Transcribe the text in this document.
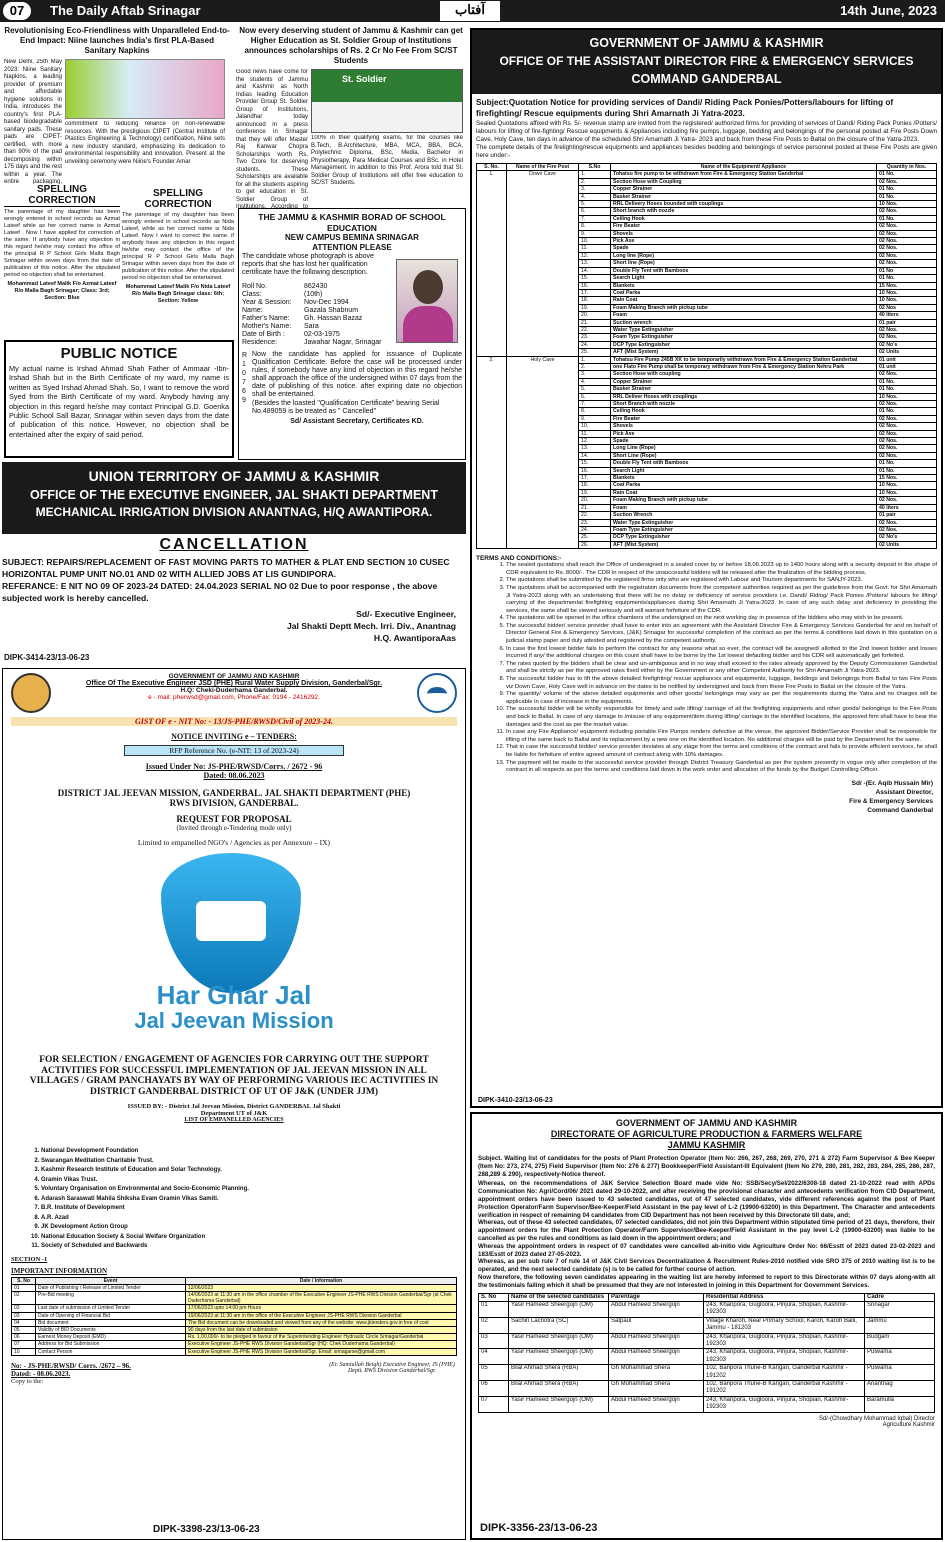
07	The Daily Aftab Srinagar	آفتاب	14th June, 2023
Revolutionising Eco-Friendliness with Unparalleled End-to-End Impact: Niine launches India's first PLA-Based Sanitary Napkins
New Delhi, 25th May 2023: Niine Sanitary Napkins, a leading provider of premium and affordable hygiene solutions in India, introduces the country's first PLA-based biodegradable sanitary pads. These pads are CIPET-certified, with more than 90% of the pad decomposing within 175 days and the rest within a year. The entire packaging,
commitment to reducing reliance on non-renewable resources. With the prestigious CIPET (Central Institute of Plastics Engineering & Technology) certification, Niine sets a new industry standard, emphasizing its dedication to environmental responsibility and innovation. Present at the unveiling ceremony were Niine's Founder Amar
Now every deserving student of Jammu & Kashmir can get Higher Education as St. Soldier Group of Institutions announces scholarships of Rs. 2 Cr No Fee From SC/ST Students
Good news have come for the students of Jammu and Kashmir as North Indias leading Education Provider Group St. Soldier Group of Institutions, Jalandhar today announced in a press conference in Srinagar that they will offer Master Raj Kanwar Chopra Scholarships worth Rs. Two Crore for deserving students. These Scholarships are available for all the students aspiring to get education in St. Soldier Group of Institutions. According to
St. Soldier
100% in their qualifying exams, for the courses like B.Tech, B.Architecture, MBA, MCA, BBA, BCA, Polytechnic Diploma, BSc, Media, Bachelor in Physiotherapy, Para Medical Courses and BSc. in Hotel Management. In addition to this Prof. Arora told that St. Soldier Group of Institutions will offer free education to SC/ST Students.
SPELLING CORRECTION
The parentage of my daughter has been wrongly entered in school records as Azmat Lateef while as her correct name is Azmat Lateef . Now I have applied for correction of the same. If anybody have any objection in this regard he/she may contact the office of the principal R P School Girls Malla Bagh Srinagar within seven days from the date of publication of this notice. After the stipulated period no objection shall be entertained.
Mohammad Lateef Malik F/o Azmat Lateef R/o Malla Bagh Srinagar; Class: 3rd; Section: Blue
SPELLING CORRECTION
The parentage of my daughter has been wrongly entered in school records as Nida Lateef, while as her correct name is Nida Lateef. Now I want to correct the same. if anybody have any objection in this regard he/she may contact the office of the principal R P School Girls Malla Bagh Srinagar within seven days from the date of publication of this notice. After the stipulated period no objection shall be entertained.
Mohammad Lateef Malik F/o Nida Lateef R/o Malla Bagh Srinagar class: 6th; Section: Yellow
PUBLIC NOTICE
My actual name is Irshad Ahmad Shah Father of Ammaar -Ibn-Irshad Shah but in the Birth Certificate of my ward, my name is written as Syed Irshad Ahmad Shah. So, I want to remove the word Syed from the Birth Certificate of my ward. Anybody having any objection in this regard he/she may contact Principal G.D. Goenka Public School Sall Bazar, Srinagar within seven days from the date of publication of this notice. However, no objection shall be entertained after the expiry of said period.
THE JAMMU & KASHMIR BORAD OF SCHOOL EDUCATION
NEW CAMPUS BEMINA SRINAGAR
ATTENTION PLEASE
The candidate whose photograph is above reports that she has lost her qualification certificate have the following description.
Roll No.	862430
Class:	(10th)
Year & Session:	Nov-Dec 1994
Name:	Gazala Shabnum
Father's Name:	Gh. Hassan Bazaz
Mother's Name:	Sara
Date of Birth :	02-03-1975
Residence:	Jawahar Nagar, Srinagar
R 1 0 7 6 9
Now the candidate has applied for issuance of Duplicate Qualification Certificate. Before the case will be processed under rules, if somebody have any kind of objection in this regard he/she shall approach the office of the undersigned within 07 days from the date of publishing of this notice. after expiring date no objection shall be entertained.
(Besides the loasted "Qualification Certificate" bearing Serial No.489059 is be treated as " Cancelled"
Sd/ Assistant Secretary, Certificates KD.
UNION TERRITORY OF JAMMU & KASHMIR
OFFICE OF THE EXECUTIVE ENGINEER, JAL SHAKTI DEPARTMENT
MECHANICAL IRRIGATION DIVISION ANANTNAG, H/Q AWANTIPORA.
CANCELLATION
SUBJECT: REPAIRS/REPLACEMENT OF FAST MOVING PARTS TO MATHER & PLAT END SECTION 10 CUSEC HORIZONTAL PUMP UNIT NO.01 AND 02 WITH ALLIED JOBS AT LIS GUNDIPORA.
REFERANCE: E NIT NO 09 OF 2023-24 DATED: 24.04.2023 SERIAL NO 02 Due to poor response , the above subjected work is hereby cancelled.
Sd/- Executive Engineer,
Jal Shakti Deptt Mech. Irri. Div., Anantnag
H.Q. AwantiporaAas
DIPK-3414-23/13-06-23
GOVERNMENT OF JAMMU AND KASHMIR
Office Of The Executive Engineer JSD (PHE) Rural Water Supply Division, Ganderbal/Sgr.
H.Q: Cheki-Duderhama Ganderbal.
e - mail: pherwsd@gmail.com, Phone/Fax: 0194 - 2416292.
GIST OF e - NIT No: - 13/JS-PHE/RWSD/Civil of 2023-24.
NOTICE INVITING e – TENDERS:
RFP Reference No. (e-NIT: 13 of 2023-24)
Issued Under No: JS-PHE/RWSD/Corrs. / 2672 - 96
Dated: 08.06.2023
DISTRICT JAL JEEVAN MISSION, GANDERBAL. JAL SHAKTI DEPARTMENT (PHE) RWS DIVISION, GANDERBAL.
REQUEST FOR PROPOSAL
(Invited through e-Tendering mode only)
Limited to empanelled NGO's / Agencies as per Annexure – IX)
Har Ghar Jal
Jal Jeevan Mission
FOR SELECTION / ENGAGEMENT OF AGENCIES FOR CARRYING OUT THE SUPPORT ACTIVITIES FOR SUCCESSFUL IMPLEMENTATION OF JAL JEEVAN MISSION IN ALL VILLAGES / GRAM PANCHAYATS BY WAY OF PERFORMING VARIOUS IEC ACTIVITIES IN DISTRICT GANDERBAL DISTRICT OF UT OF J&K (UNDER JJM)
ISSUED BY: - District Jal Jeevan Mission, District GANDERBAL Jal Shakti Department UT of J&K
LIST OF EMPANELLED AGENCIES
1. National Development Foundation
2. Swarangan Meditation Charitable Trust.
3. Kashmir Research Institute of Education and Solar Technology.
4. Gramin Vikas Trust.
5. Voluntary Organisation on Environmental and Socio-Economic Planning.
6. Adarash Saraswati Mahila Shiksha Evam Gramin Vikas Samiti.
7. B.R. Institute of Development
8. A.R. Azad
9. JK Development Action Group
10. National Education Society & Social Welfare Organization
11. Society of Scheduled and Backwards
SECTION -1
IMPORTANT INFORMATION
S. No	Event	Date / Information
01	Date of Publishing / Release of Limited Tender	12/06/2023
02	Pre-Bid meeting	14/06/2023 at 11:30 am in the office chamber of the Executive Engineer JS-PHE RWS Division Ganderbal/Sgr (at Chek Duderhama Ganderbal)
03	Last date of submission of Limited Tender	17/06/2023 upto 14:00 pm Hours
03	Date of Opening of Financial Bid	19/06/2023 at 11:30 am in the office of the Executive Engineer JS-PHE RWS Division Ganderbal
04	Bid document	The Bid document can be downloaded and viewed from any of the website: www.jktenders.gov.in free of cost
05	Validity of BID Documents	90 days from the last date of submission
06	Earnest Money Deposit (EMD)	Rs. 1,00,000/- to be pledged in favour of the Superintending Engineer Hydraulic Circle Srinagar/Ganderbal
07	Address for Bid Submission	Executive Engineer JS-PHE RWS Division Ganderbal/Sgr (HQ: Chek Duderhama Ganderbal)
10	Contact Person	Executive Engineer JS-PHE RWS Division Ganderbal/Sgr. Email: srinagarse@gmail.com
No: - JS-PHE/RWSD/ Corrs. /2672 – 96.
Dated: - 08.06.2023.
Copy to the:
(Er. Samiullah Beigh) Executive Engineer, JS (PHE) Deptt. RWS Division Ganderbal/Sgr.
DIPK-3398-23/13-06-23
GOVERNMENT OF JAMMU & KASHMIR
OFFICE OF THE ASSISTANT DIRECTOR FIRE & EMERGENCY SERVICES
COMMAND GANDERBAL
Subject:Quotation Notice for providing services of Dandi/ Riding Pack Ponies/Potters/labours for lifting of firefighting/ Rescue equipments during Shri Amarnath Ji Yatra-2023.
Sealed Quotations affixed with Rs. 5/- revenue stamp are invited from the registered/ authorized firms for providing of services of Dandi/ Riding Pack Ponies /Potters/ labours for lifting of fire-fighting/ Rescue equipments & Appliances including fire pumps, luggage, bedding and belongings of the personal posted at Fire Posts Down Cave, Holy Cave, ten days in advance of the scheduled Shri Amarnath Ji Yatra- 2023 and back from these Fire Posts to Baltal on the closure of the Yatra-2023.
The complete details of the firelighting/rescue equipments and appliances besides bedding and belongings of service personnel posted at these Fire Posts are given here under:-
S. No.	Name of the Fire Post	S.No	Name of the Equipment/ Appliance	Quantity in Nos.
1.	Down Cave	1.	Tohatsu fire pump to be withdrawn from Fire & Emergency Station Ganderbal	01 No.
		2.	Section Hose with Coupling	02 Nos.
		3.	Copper Strainer	01 No.
		4.	Basket Strainer	01 No.
		5.	RRL Delivery Hoses bounded with couplings	10 Nos.
		6.	Short branch with nozzle	02 Nos.
		7.	Ceiling Hook	01 No.
		8.	Fire Beater	02 Nos.
		9.	Shovels	02 Nos.
		10.	Pick Axe	02 Nos.
		11.	Spade	02 Nos.
		12.	Long line (Rope)	02 Nos.
		13.	Short line (Rope)	02 Nos.
		14.	Double Fly Tent with Bamboos	01 No
		15.	Search Light	01 No.
		16.	Blankets	15 Nos.
		17.	Coat Parka	10 Nos.
		18.	Rain Coat	10 Nos.
		19.	Foam Making Branch with pickup tube	02 Nos
		20.	Foam	40 liters
		21.	Suction wrench	01 pair
		22.	Water Type Extinguisher	02 Nos.
		23.	Foam Type Extinguisher	02 Nos.
		24.	DCP Type Extinguisher	02 No's
		25.	AFT (Mist System)	02 Units
2.	Holy Cave	1.	Tohatsu Fire Pump 245B XK to be temporarily withdrawn from Fire & Emergency Station Ganderbal	01 unit
		2.	one Flato Fire Pump shall be temporary withdrawn from Fire & Emergency Station Nehru Park	01 unit
		3.	Section Hose with coupling	02 Nos.
		4.	Copper Strainer	01 No.
		5.	Basket Strainer	01 No.
		6.	RRL Deliver Hoses with couplings	10 Nos.
		7.	Short Branch with nozzle	02 Nos.
		8.	Ceiling Hook	01 No.
		9.	Fire Beater	02 Nos.
		10.	Shovels	02 Nos.
		11.	Pick Axe	02 Nos.
		12.	Spade	02 Nos.
		13.	Long Line (Rope)	02 Nos.
		14.	Short Line (Rope)	02 Nos.
		15.	Double Fly Tent with Bamboos	01 No.
		16.	Search Light	01 No.
		17.	Blankets	15 Nos.
		18.	Coat Parka	10 Nos.
		19.	Rain Coat	10 Nos.
		20.	Foam Making Branch with pickup tube	02 Nos.
		21.	Foam	40 liters
		22.	Suction Wrench	01 pair
		23.	Water Type Extinguisher	02 Nos.
		24.	Foam Type Extinguisher	02 Nos.
		25.	DCP Type Extinguisher	02 No's
		26.	AFT (Mist System)	02 Units
TERMS AND CONDITIONS:-
1. The sealed quotations shall reach the Office of undersigned in a sealed cover by or before 18.06.2023 up to 1400 hours along with a security deposit in the shape of CDR equivalent to Rs. 8000/-. The CDR in respect of the unsuccessful bidders will be released after the finalization of the bidding process.
2. The quotations shall be submitted by the registered firms only who are registered with Labour and Tourism departments for SANJY-2023.
3. The quotations shall be accompanied with the registration documents from the competent authorities required as per the guidelines from the Govt. for Shri Amarnath Ji Yatra-2023 along with an undertaking that there will be no delay or deficiency of service providers i.e. Dandi/ Riding/ Pack Ponies /Potters/ labours for lifting/ carrying of the departmental firefighting equipments/appliances during Shri Amarnath Ji Yatra-2023. In case of any such delay and deficiency in providing the services, the same shall be viewed seriously and will warrant forfeiture of the CDR.
4. The quotations will be opened in the office chambers of the undersigned on the next working day in presence of the bidders who may wish to be present.
5. The successful bidder/ service provider shall have to enter into an agreement with the Assistant Director Fire & Emergency Services Ganderbal for and on behalf of Director General Fire & Emergency Services, (J&K) Srinagar for successful completion of the contract as per the terms & conditions laid down in this quotation on a judicial stamp paper and duly attested and registered by the competent authority.
6. In case the first lowest bidder fails to perform the contract for any reasons what so ever, the contract will be assigned/ allotted to the 2nd lowest bidder and losses incurred if any/ the additional charges on this count shall have to be borne by the 1st lowest defaulting bidder and his CDR will automatically get forfeited.
7. The rates quoted by the bidders shall be clear and un-ambiguous and in no way shall exceed to the rates already approved by the Deputy Commissioner Ganderbal and shall be strictly as per the approved rates fixed either by the Government or any other Competent Authority for Shri Amarnath Ji Yatra-2023.
8. The successful bidder has to lift the above detailed firefighting/ rescue appliances and equipments, luggage, beddings and belongings from Baltal to two Fire Posts viz Down Cave, Holy Cave well in advance on the dates to be notified by undersigned and back from these Fire Posts to Baltal on the closure of the Yatra.
9. The quantity/ volume of the above detailed equipments and other goods/ belongings may vary as per the requirements during the Yatra and no charges will be applicable in case of increase in the equipments.
10. The successful bidder will be wholly responsible for timely and safe lifting/ carriage of all the firefighting equipments and other goods/ belongings to the Fire Posts and back to Baltal. In case of any damage to /misuse of any equipment/item during lifting/ carriage to the identified locations, the approved firm shall have to bear the damages and the cost as per the market value.
11. In case any Fire Appliance/ equipment including portable Fire Pumps renders defective at the venue, the approved Bidder/Service Provider shall be responsible for lifting of the same back to Baltal and its replacement by a new one on the identified location. No additional charges will be paid by the Department for the same.
12. That in case the successful bidder/ service provider deviates at any stage from the terms and conditions of the contract and fails to provide efficient services, he shall be liable for forfeiture of entire agreed amount of contract along with 10% damages.
13. The payment will be made to the successful service provider through District Treasury Ganderbal as per the system presently in vogue only after completion of the contract in all respects as per the terms and conditions laid down in the work order and allocation of the funds by the Budget Controlling Officer.
Sd/ -(Er. Aqib Hussain Mir)
Assistant Director,
Fire & Emergency Services
Command Ganderbal
DIPK-3410-23/13-06-23
GOVERNMENT OF JAMMU AND KASHMIR
DIRECTORATE OF AGRICULTURE PRODUCTION & FARMERS WELFARE
JAMMU KASHMIR
Subject. Waiting list of candidates for the posts of Plant Protection Operator (Item No: 266, 267, 268, 269, 270, 271 & 272) Farm Supervisor & Bee Keeper (Item No: 273, 274, 275) Field Supervisor (Item No: 276 & 277) Bookkeeper/Field Assistant-III Equivalent (Item No 279, 280, 281, 282, 283, 284, 285, 286, 287, 288,289 & 290), respectively-Notice thereof.
Whereas, on the recommendations of J&K Service Selection Board made vide No: SSB/Secy/Sel/2022/6308-18 dated 21-10-2022 read with APDs Communication No: Agri/Cord/06/ 2021 dated 29-10-2022, and after receiving the provisional character and antecedents verification from CID Department, appointment orders have been issued to 43 selected candidates, out of 47 selected candidates, vide different references against the post of Plant Protection Operator/Farm Supervisor/Bee-Keeper/Field Assistant in the pay level of L-2 (19900-63200) in this Department. The Character and antecedents verification in respect of remaining 04 candidates from CID Department has not been received by this Directorate till date, and;
Whereas, out of these 43 selected candidates, 07 selected candidates, did not join this Department within stipulated time period of 21 days, therefore, their appointment orders for the Plant Protection Operator/Farm Supervisor/Bee-Keeper/Field Assistant in the pay level L-2 (19900-63200) was liable to be cancelled as per the rules and conditions as laid down in the appointment orders; and
Whereas the appointment orders in respect of 07 candidates were cancelled ab-initio vide Agriculture Order No: 66/Esstt of 2023 dated 23-02-2023 and 183/Esstt of 2023 dated 27-05-2023.
Whereas, as per sub rule 7 of rule 14 of J&K Civil Services Decentralization & Recruitment Rules-2010 notified vide SRO 375 of 2010 waiting list is to be operated, and the next selected candidate (s) is to be called for further course of action.
Now therefore, the following seven candidates appearing in the waiting list are hereby informed to report to this Directorate within 07 days along-with all the testimonials failing which it shall be presumed that they are not interested in joining in this Department for Government Services.
S. No	Name of the selected candidates	Parentage	Residential Address	Cadre
01	Yasir Hameed Sheergojri (OM)	Abdul Hameed Sheergojri	243, Khanpora, Gugloora, Pinjura, Shopian, Kashmir-192303	Srinagar
02	Sachin Lachotra (SC)	Satpaul	Village Kharoh, Near Primary School, Karoh, Karoh Balli, Jammu - 181203	Jammu
03	Yasir Hameed Sheergojri (OM)	Abdul Hameed Sheergojri	243, Khanpora, Gugloora, Pinjura, Shopian, Kashmir-192303	Budgam
04	Yasir Hameed Sheergojri (OM)	Abdul Hameed Sheergojri	243, Khanpora, Gugloora, Pinjura, Shopian, Kashmir-192303	Pulwama
05	Bilal Ahmad Shera (RBA)	Gh Mohammad Shera	102, Banpora Thune-B Kangan, Ganderbal Kashmir - 191202	Pulwama
06	Bilal Ahmad Shera (RBA)	Gh Mohammad Shera	102, Banpora Thune-B Kangan, Ganderbal Kashmir - 191202	Anantnag
07	Yasir Hameed Sheergojri (OM)	Abdul Hameed Sheergojri	243, Khanpora, Gugloora, Pinjura, Shopian, Kashmir-192303	Baramulla
Sd/-(Chowdhary Mohammad Iqbal) Director Agriculture Kashmir
DIPK-3356-23/13-06-23
